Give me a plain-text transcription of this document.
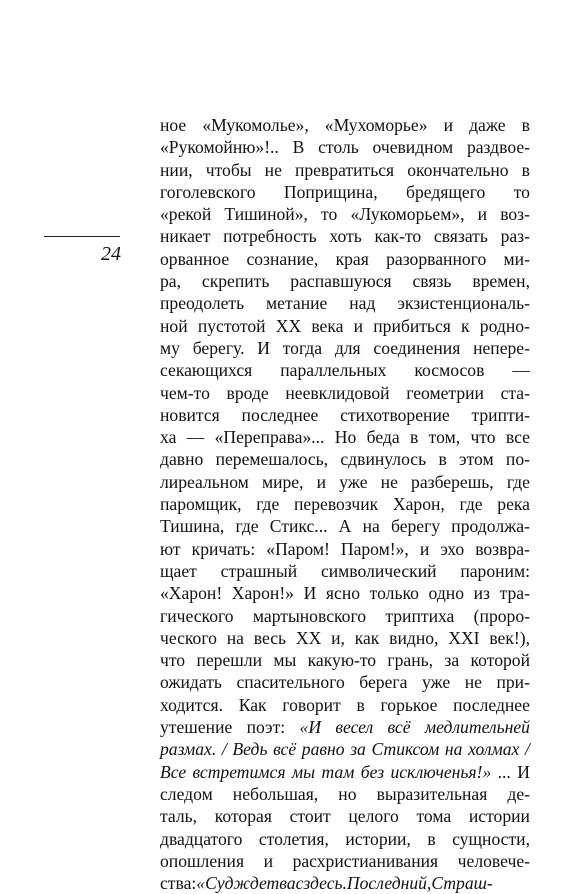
24
ное «Мукомолье», «Мухоморье» и даже в
«Рукомойню»!.. В столь очевидном раздвое-
нии, чтобы не превратиться окончательно в
гоголевского Поприщина, бредящего то
«рекой Тишиной», то «Лукоморьем», и воз-
никает потребность хоть как-то связать раз-
орванное сознание, края разорванного ми-
ра, скрепить распавшуюся связь времен,
преодолеть метание над экзистенциональ-
ной пустотой XX века и прибиться к родно-
му берегу. И тогда для соединения непере-
секающихся параллельных космосов —
чем-то вроде неевклидовой геометрии ста-
новится последнее стихотворение трипти-
ха — «Переправа»... Но беда в том, что все
давно перемешалось, сдвинулось в этом по-
лиреальном мире, и уже не разберешь, где
паромщик, где перевозчик Харон, где река
Тишина, где Стикс... А на берегу продолжа-
ют кричать: «Паром! Паром!», и эхо возвра-
щает страшный символический пароним:
«Харон! Харон!» И ясно только одно из тра-
гического мартыновского триптиха (проро-
ческого на весь XX и, как видно, XXI век!),
что перешли мы какую-то грань, за которой
ожидать спасительного берега уже не при-
ходится. Как говорит в горькое последнее
утешение поэт: «И весел всё медлительней
размах. / Ведь всё равно за Стиксом на холмах /
Все встретимся мы там без исключенья!» ... И
следом небольшая, но выразительная де-
таль, которая стоит целого тома истории
двадцатого столетия, истории, в сущности,
опошления и расхристианивания человече-
ства: «Суд ждет вас здесь. Последний, Страш-
